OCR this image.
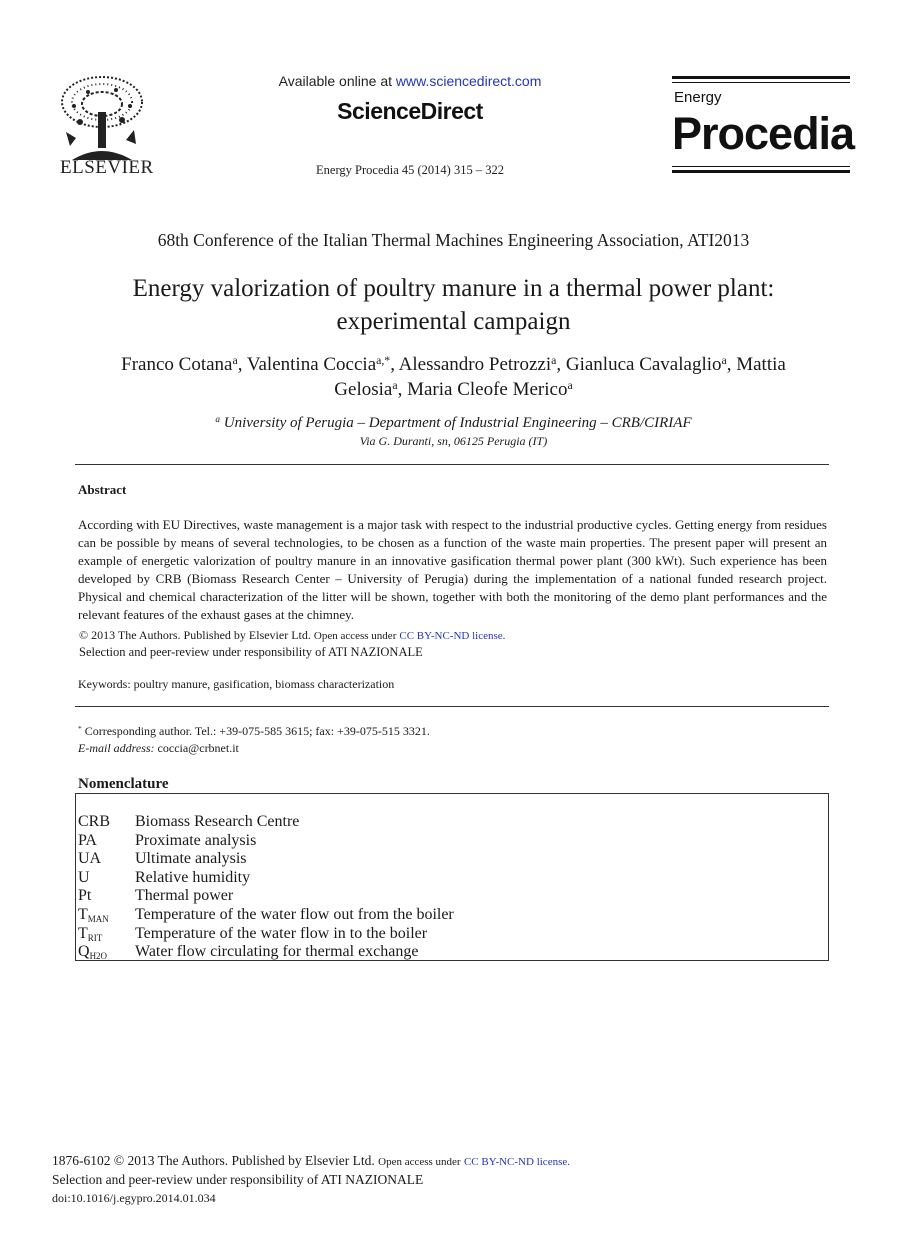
ELSEVIER
Available online at www.sciencedirect.com
ScienceDirect
Energy Procedia 45 (2014) 315 – 322
Energy
Procedia
68th Conference of the Italian Thermal Machines Engineering Association, ATI2013
Energy valorization of poultry manure in a thermal power plant:
experimental campaign
Franco Cotana$^a$, Valentina Coccia$^{a,*}$, Alessandro Petrozzi$^a$, Gianluca Cavalaglio$^a$, Mattia
Gelosia$^a$, Maria Cleofe Merico$^a$
$^a$ University of Perugia – Department of Industrial Engineering – CRB/CIRIAF
Via G. Duranti, sn, 06125 Perugia (IT)
Abstract
According with EU Directives, waste management is a major task with respect to the industrial productive cycles. Getting energy from residues can be possible by means of several technologies, to be chosen as a function of the waste main properties. The present paper will present an example of energetic valorization of poultry manure in an innovative gasification thermal power plant (300 kWt). Such experience has been developed by CRB (Biomass Research Center – University of Perugia) during the implementation of a national funded research project. Physical and chemical characterization of the litter will be shown, together with both the monitoring of the demo plant performances and the relevant features of the exhaust gases at the chimney.
© 2013 The Authors. Published by Elsevier Ltd. Open access under CC BY-NC-ND license.
Selection and peer-review under responsibility of ATI NAZIONALE
Keywords: poultry manure, gasification, biomass characterization
* Corresponding author. Tel.: +39-075-585 3615; fax: +39-075-515 3321.
E-mail address: coccia@crbnet.it
Nomenclature
CRB	Biomass Research Centre
PA	Proximate analysis
UA	Ultimate analysis
U	Relative humidity
Pt	Thermal power
$T_{MAN}$	Temperature of the water flow out from the boiler
$T_{RIT}$	Temperature of the water flow in to the boiler
$Q_{H2O}$	Water flow circulating for thermal exchange
1876-6102 © 2013 The Authors. Published by Elsevier Ltd. Open access under CC BY-NC-ND license.
Selection and peer-review under responsibility of ATI NAZIONALE
doi:10.1016/j.egypro.2014.01.034
